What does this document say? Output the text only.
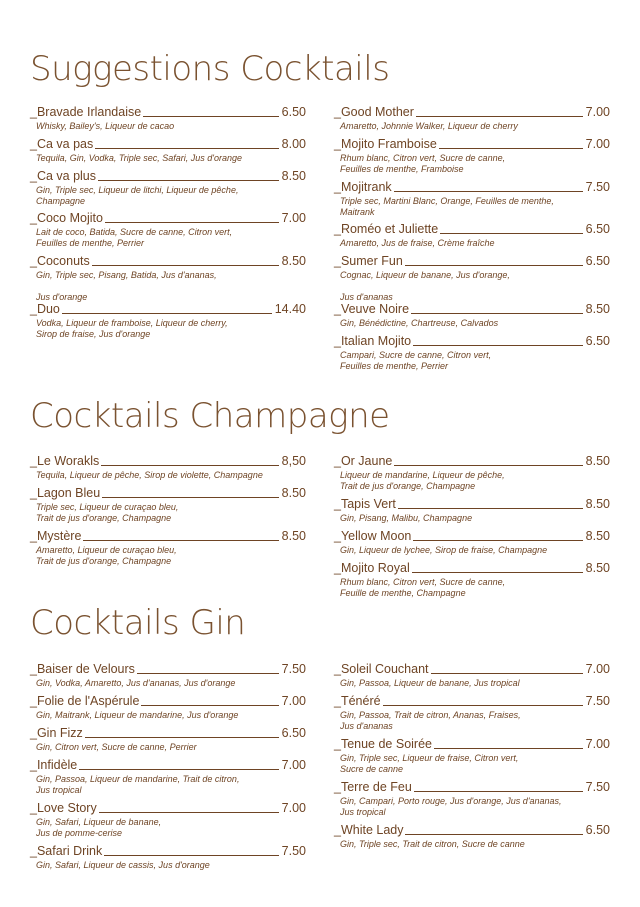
Suggestions Cocktails
_Bravade Irlandaise	6.50
Whisky, Bailey's, Liqueur de cacao
_Ca va pas	8.00
Tequila, Gin, Vodka, Triple sec, Safari, Jus d'orange
_Ca va plus	8.50
Gin, Triple sec, Liqueur de litchi, Liqueur de pêche,
Champagne
_Coco Mojito	7.00
Lait de coco, Batida, Sucre de canne, Citron vert,
Feuilles de menthe, Perrier
_Coconuts	8.50
Gin, Triple sec, Pisang, Batida, Jus d'ananas,

Jus d'orange
_Duo	14.40
Vodka, Liqueur de framboise, Liqueur de cherry,
Sirop de fraise, Jus d'orange
_Good Mother	7.00
Amaretto, Johnnie Walker, Liqueur de cherry
_Mojito Framboise	7.00
Rhum blanc, Citron vert, Sucre de canne,
Feuilles de menthe, Framboise
_Mojitrank	7.50
Triple sec, Martini Blanc, Orange, Feuilles de menthe,
Maitrank
_Roméo et Juliette	6.50
Amaretto, Jus de fraise, Crème fraîche
_Sumer Fun	6.50
Cognac, Liqueur de banane, Jus d'orange,

Jus d'ananas
_Veuve Noire	8.50
Gin, Bénédictine, Chartreuse, Calvados
_Italian Mojito	6.50
Campari, Sucre de canne, Citron vert,
Feuilles de menthe, Perrier
Cocktails Champagne
_Le Worakls	8,50
Tequila, Liqueur de pêche, Sirop de violette, Champagne
_Lagon Bleu	8.50
Triple sec, Liqueur de curaçao bleu,
Trait de jus d'orange, Champagne
_Mystère	8.50
Amaretto, Liqueur de curaçao bleu,
Trait de jus d'orange, Champagne
_Or Jaune	8.50
Liqueur de mandarine, Liqueur de pêche,
Trait de jus d'orange, Champagne
_Tapis Vert	8.50
Gin, Pisang, Malibu, Champagne
_Yellow Moon	8.50
Gin, Liqueur de lychee, Sirop de fraise, Champagne
_Mojito Royal	8.50
Rhum blanc, Citron vert, Sucre de canne,
Feuille de menthe, Champagne
Cocktails Gin
_Baiser de Velours	7.50
Gin, Vodka, Amaretto, Jus d'ananas, Jus d'orange
_Folie de l'Aspérule	7.00
Gin, Maitrank, Liqueur de mandarine, Jus d'orange
_Gin Fizz	6.50
Gin, Citron vert, Sucre de canne, Perrier
_Infidèle	7.00
Gin, Passoa, Liqueur de mandarine, Trait de citron,
Jus tropical
_Love Story	7.00
Gin, Safari, Liqueur de banane,
Jus de pomme-cerise
_Safari Drink	7.50
Gin, Safari, Liqueur de cassis, Jus d'orange
_Soleil Couchant	7.00
Gin, Passoa, Liqueur de banane, Jus tropical
_Ténéré	7.50
Gin, Passoa, Trait de citron, Ananas, Fraises,
Jus d'ananas
_Tenue de Soirée	7.00
Gin, Triple sec, Liqueur de fraise, Citron vert,
Sucre de canne
_Terre de Feu	7.50
Gin, Campari, Porto rouge, Jus d'orange, Jus d'ananas,
Jus tropical
_White Lady	6.50
Gin, Triple sec, Trait de citron, Sucre de canne
